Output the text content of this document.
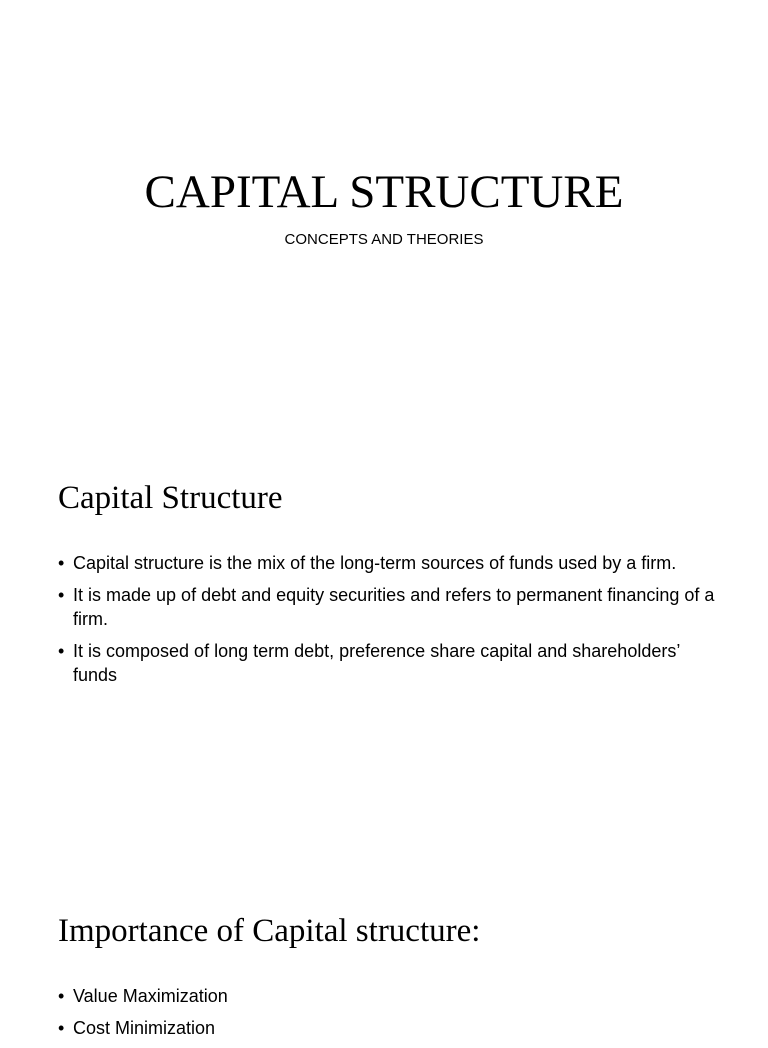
CAPITAL STRUCTURE

CONCEPTS AND THEORIES

Capital Structure
• Capital structure is the mix of the long-term sources of funds used by a firm.
• It is made up of debt and equity securities and refers to permanent financing of a firm.
• It is composed of long term debt, preference share capital and shareholders’ funds
Importance of Capital structure:
• Value Maximization
• Cost Minimization
